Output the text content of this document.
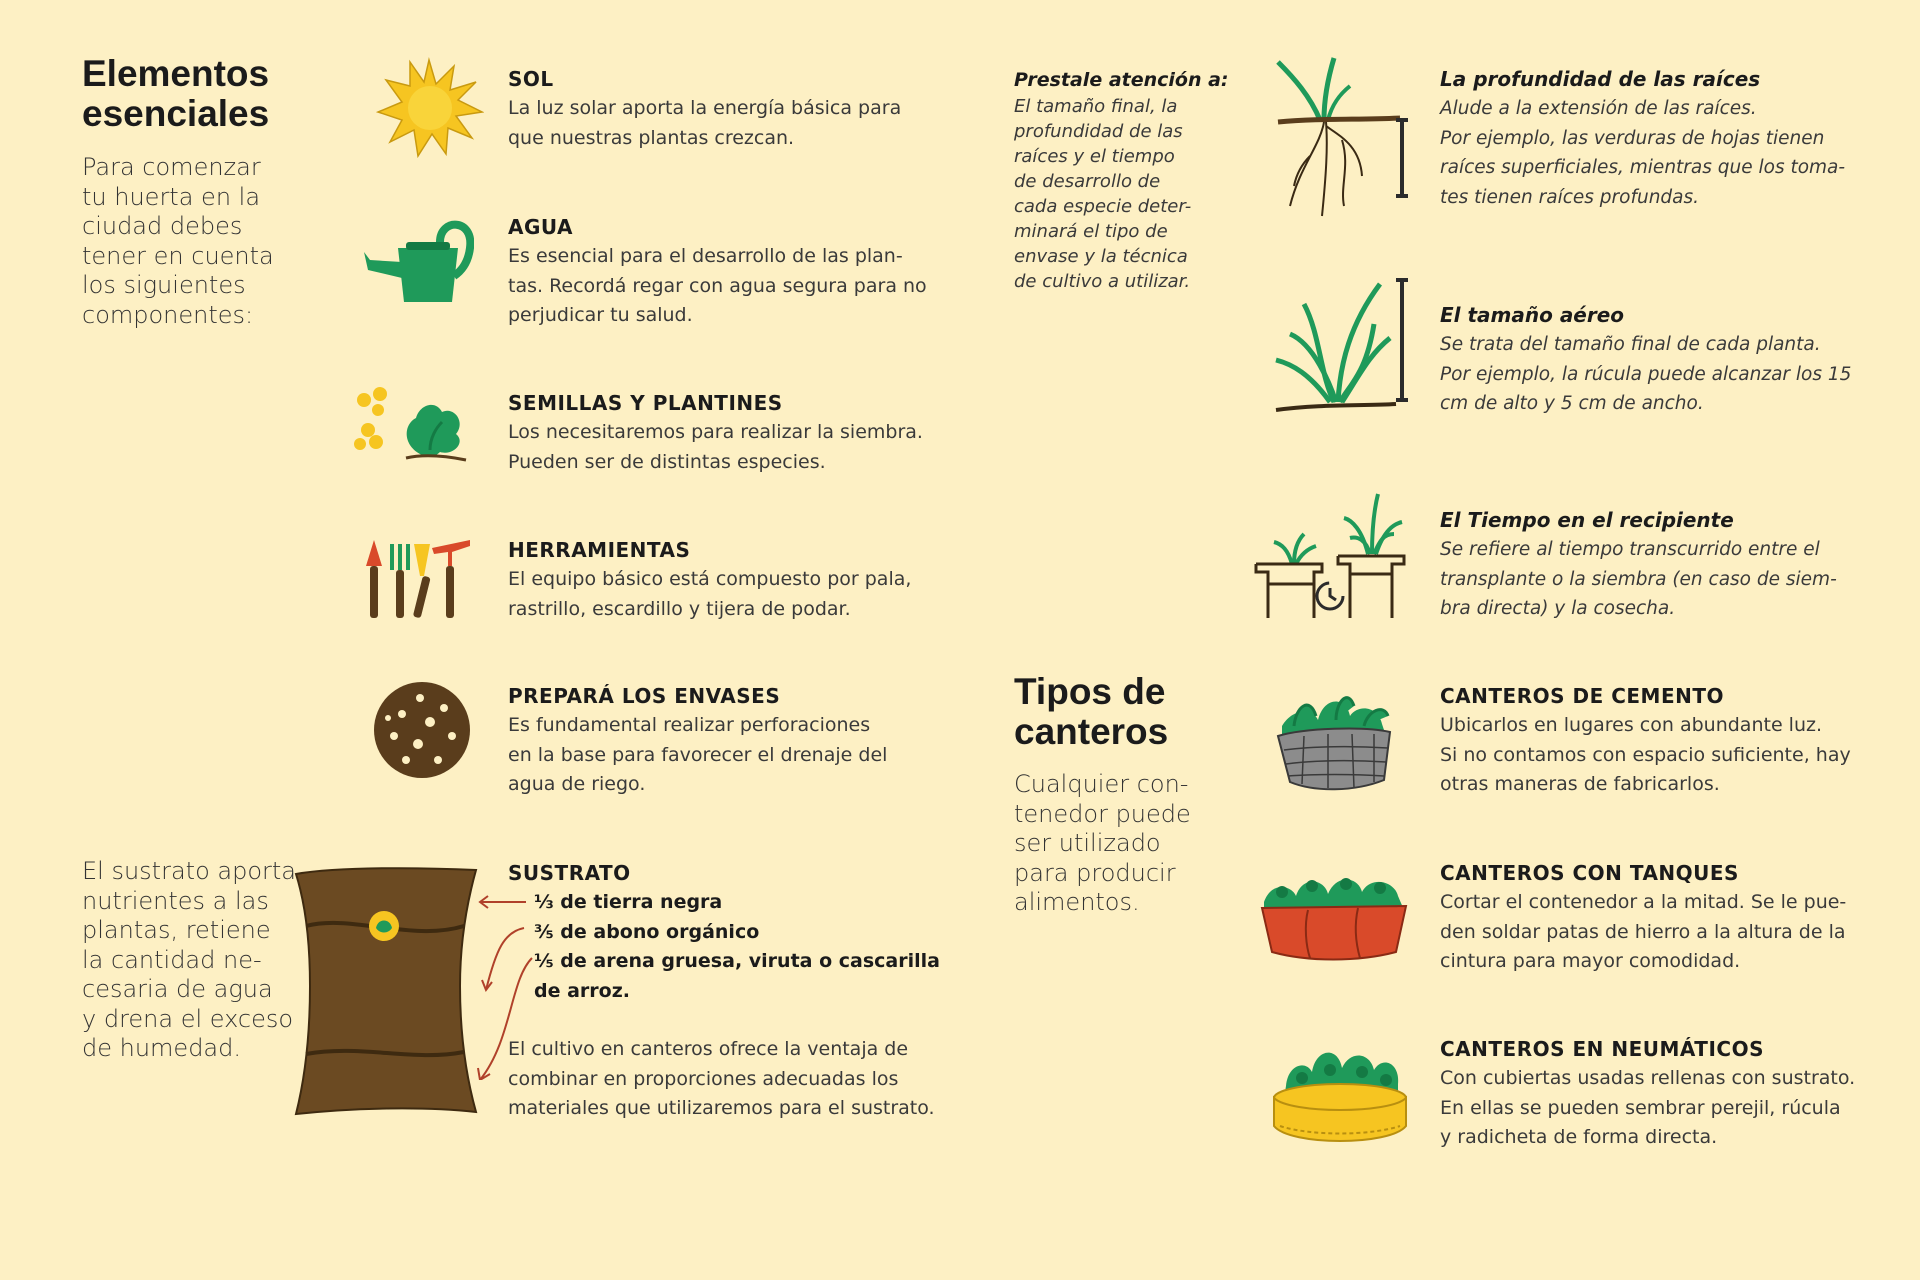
Elementos
esenciales
Para comenzar
tu huerta en la
ciudad debes
tener en cuenta
los siguientes
componentes:
El sustrato aporta
nutrientes a las
plantas, retiene
la cantidad ne-
cesaria de agua
y drena el exceso
de humedad.
SOL
La luz solar aporta la energía básica para
que nuestras plantas crezcan.
AGUA
Es esencial para el desarrollo de las plan-
tas. Recordá regar con agua segura para no
perjudicar tu salud.
SEMILLAS Y PLANTINES
Los necesitaremos para realizar la siembra.
Pueden ser de distintas especies.
HERRAMIENTAS
El equipo básico está compuesto por pala,
rastrillo, escardillo y tijera de podar.
PREPARÁ LOS ENVASES
Es fundamental realizar perforaciones
en la base para favorecer el drenaje del
agua de riego.
SUSTRATO
⅓ de tierra negra
⅗ de abono orgánico
⅕ de arena gruesa, viruta o cascarilla
de arroz.
El cultivo en canteros ofrece la ventaja de
combinar en proporciones adecuadas los
materiales que utilizaremos para el sustrato.
Prestale atención a:
El tamaño final, la
profundidad de las
raíces y el tiempo
de desarrollo de
cada especie deter-
minará el tipo de
envase y la técnica
de cultivo a utilizar.
Tipos de
canteros
Cualquier con-
tenedor puede
ser utilizado
para producir
alimentos.
La profundidad de las raíces
Alude a la extensión de las raíces.
Por ejemplo, las verduras de hojas tienen
raíces superficiales, mientras que los toma-
tes tienen raíces profundas.
El tamaño aéreo
Se trata del tamaño final de cada planta.
Por ejemplo, la rúcula puede alcanzar los 15
cm de alto y 5 cm de ancho.
El Tiempo en el recipiente
Se refiere al tiempo transcurrido entre el
transplante o la siembra (en caso de siem-
bra directa) y la cosecha.
CANTEROS DE CEMENTO
Ubicarlos en lugares con abundante luz.
Si no contamos con espacio suficiente, hay
otras maneras de fabricarlos.
CANTEROS CON TANQUES
Cortar el contenedor a la mitad. Se le pue-
den soldar patas de hierro a la altura de la
cintura para mayor comodidad.
CANTEROS EN NEUMÁTICOS
Con cubiertas usadas rellenas con sustrato.
En ellas se pueden sembrar perejil, rúcula
y radicheta de forma directa.
